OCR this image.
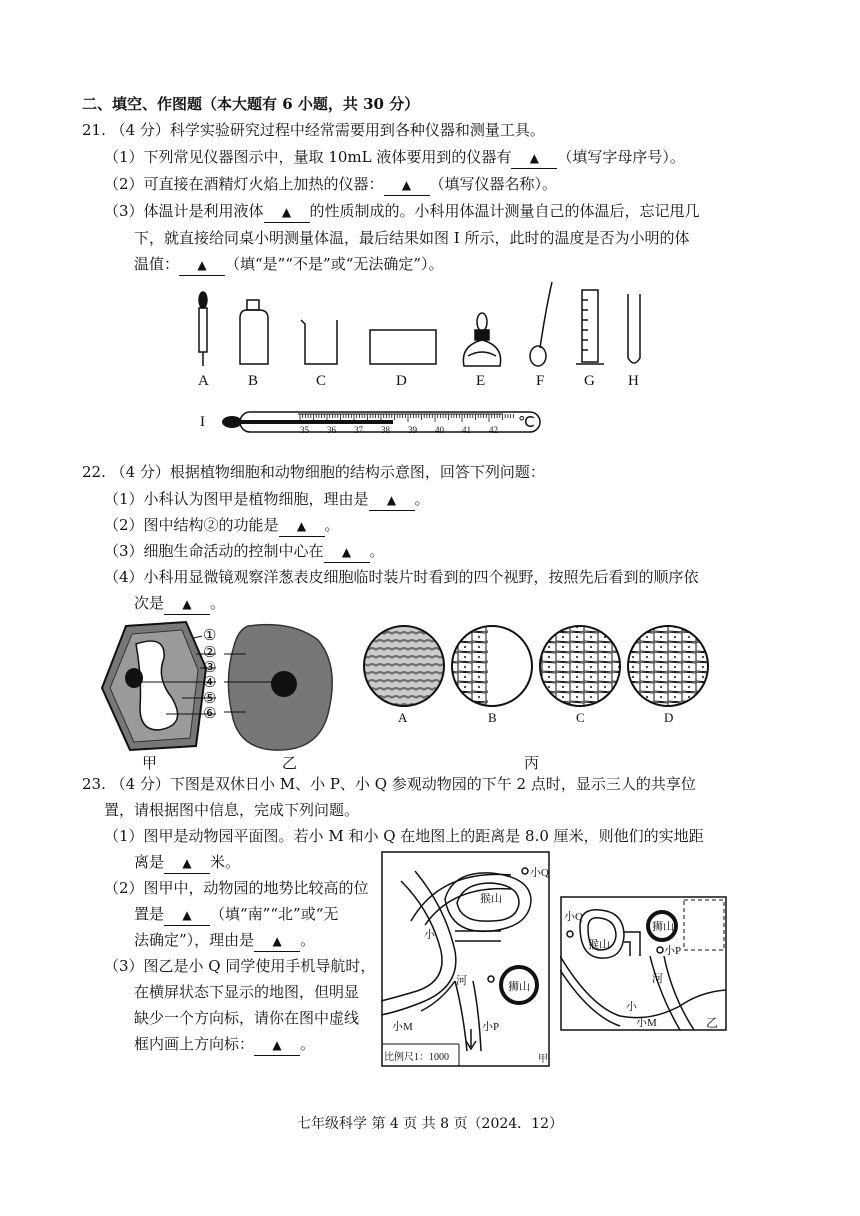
二、填空、作图题（本大题有 6 小题，共 30 分）
21. （4 分）科学实验研究过程中经常需要用到各种仪器和测量工具。
（1）下列常见仪器图示中，量取 10mL 液体要用到的仪器有 ▲ （填写字母序号）。
（2）可直接在酒精灯火焰上加热的仪器： ▲ （填写仪器名称）。
（3）体温计是利用液体 ▲ 的性质制成的。小科用体温计测量自己的体温后，忘记甩几
下，就直接给同桌小明测量体温，最后结果如图 I 所示，此时的温度是否为小明的体
温值： ▲ （填“是”“不是”或“无法确定”）。
A	B	C	D	E	F	G H
I	35 36 37 38 39 40 41 42 ℃
22. （4 分）根据植物细胞和动物细胞的结构示意图，回答下列问题：
（1）小科认为图甲是植物细胞，理由是 ▲ 。
（2）图中结构②的功能是 ▲ 。
（3）细胞生命活动的控制中心在 ▲ 。
（4）小科用显微镜观察洋葱表皮细胞临时装片时看到的四个视野，按照先后看到的顺序依
次是 ▲ 。
①
②
③
④
⑤
⑥
甲	乙
A	B	C	D
丙
23. （4 分）下图是双休日小 M、小 P、小 Q 参观动物园的下午 2 点时，显示三人的共享位
置，请根据图中信息，完成下列问题。
（1）图甲是动物园平面图。若小 M 和小 Q 在地图上的距离是 8.0 厘米，则他们的实地距
离是 ▲ 米。
（2）图甲中，动物园的地势比较高的位
置是 ▲ （填“南”“北”或“无
法确定”），理由是 ▲ 。
（3）图乙是小 Q 同学使用手机导航时，
在横屏状态下显示的地图，但明显
缺少一个方向标，请你在图中虚线
框内画上方向标： ▲ 。
猴山
狮山
小
河
小M	小P
小Q
比例尺1：1000	甲
猴山
狮山
小
河
小M
小P
小Q
乙
七年级科学 第 4 页 共 8 页（2024．12）
